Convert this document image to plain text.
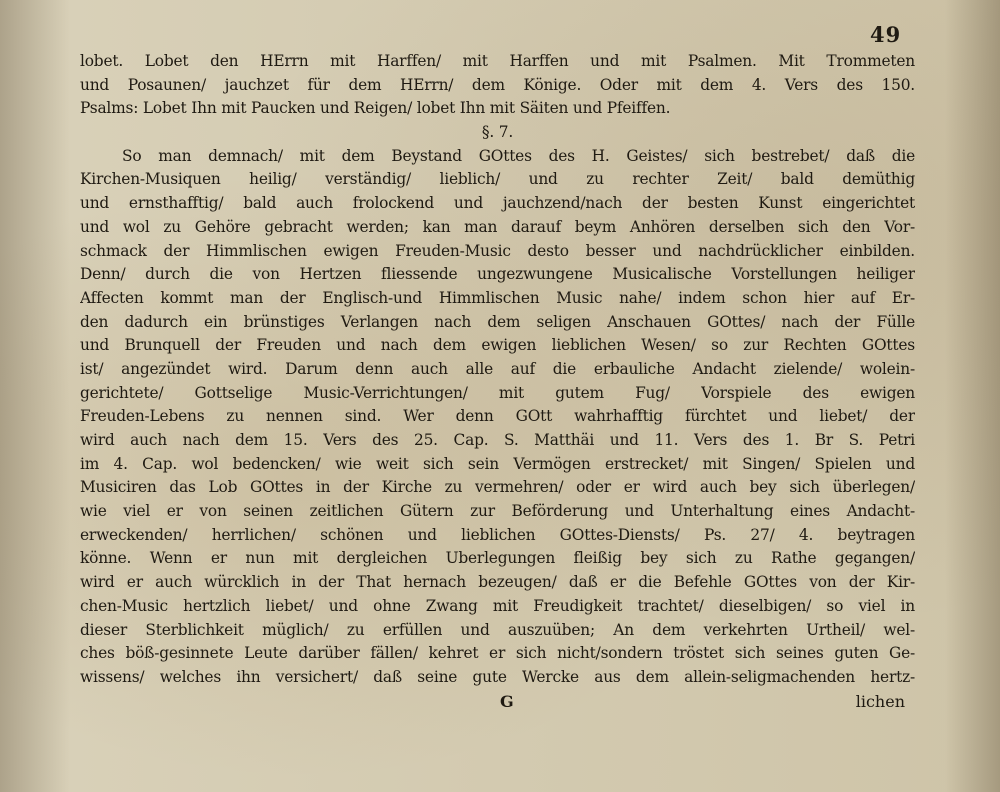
49
lobet. Lobet den HErrn mit Harffen/ mit Harffen und mit Psalmen. Mit Trommeten
und Posaunen/ jauchzet für dem HErrn/ dem Könige. Oder mit dem 4. Vers des 150.
Psalms: Lobet Ihn mit Paucken und Reigen/ lobet Ihn mit Säiten und Pfeiffen.
§. 7.
So man demnach/ mit dem Beystand GOttes des H. Geistes/ sich bestrebet/ daß die
Kirchen-Musiquen heilig/ verständig/ lieblich/ und zu rechter Zeit/ bald demüthig
und ernsthafftig/ bald auch frolockend und jauchzend/nach der besten Kunst eingerichtet
und wol zu Gehöre gebracht werden; kan man darauf beym Anhören derselben sich den Vor-
schmack der Himmlischen ewigen Freuden-Music desto besser und nachdrücklicher einbilden.
Denn/ durch die von Hertzen fliessende ungezwungene Musicalische Vorstellungen heiliger
Affecten kommt man der Englisch-und Himmlischen Music nahe/ indem schon hier auf Er-
den dadurch ein brünstiges Verlangen nach dem seligen Anschauen GOttes/ nach der Fülle
und Brunquell der Freuden und nach dem ewigen lieblichen Wesen/ so zur Rechten GOttes
ist/ angezündet wird. Darum denn auch alle auf die erbauliche Andacht zielende/ wolein-
gerichtete/ Gottselige Music-Verrichtungen/ mit gutem Fug/ Vorspiele des ewigen
Freuden-Lebens zu nennen sind. Wer denn GOtt wahrhafftig fürchtet und liebet/ der
wird auch nach dem 15. Vers des 25. Cap. S. Matthäi und 11. Vers des 1. Br S. Petri
im 4. Cap. wol bedencken/ wie weit sich sein Vermögen erstrecket/ mit Singen/ Spielen und
Musiciren das Lob GOttes in der Kirche zu vermehren/ oder er wird auch bey sich überlegen/
wie viel er von seinen zeitlichen Gütern zur Beförderung und Unterhaltung eines Andacht-
erweckenden/ herrlichen/ schönen und lieblichen GOttes-Diensts/ Ps. 27/ 4. beytragen
könne. Wenn er nun mit dergleichen Uberlegungen fleißig bey sich zu Rathe gegangen/
wird er auch würcklich in der That hernach bezeugen/ daß er die Befehle GOttes von der Kir-
chen-Music hertzlich liebet/ und ohne Zwang mit Freudigkeit trachtet/ dieselbigen/ so viel in
dieser Sterblichkeit müglich/ zu erfüllen und auszuüben; An dem verkehrten Urtheil/ wel-
ches böß-gesinnete Leute darüber fällen/ kehret er sich nicht/sondern tröstet sich seines guten Ge-
wissens/ welches ihn versichert/ daß seine gute Wercke aus dem allein-seligmachenden hertz-
G	lichen
